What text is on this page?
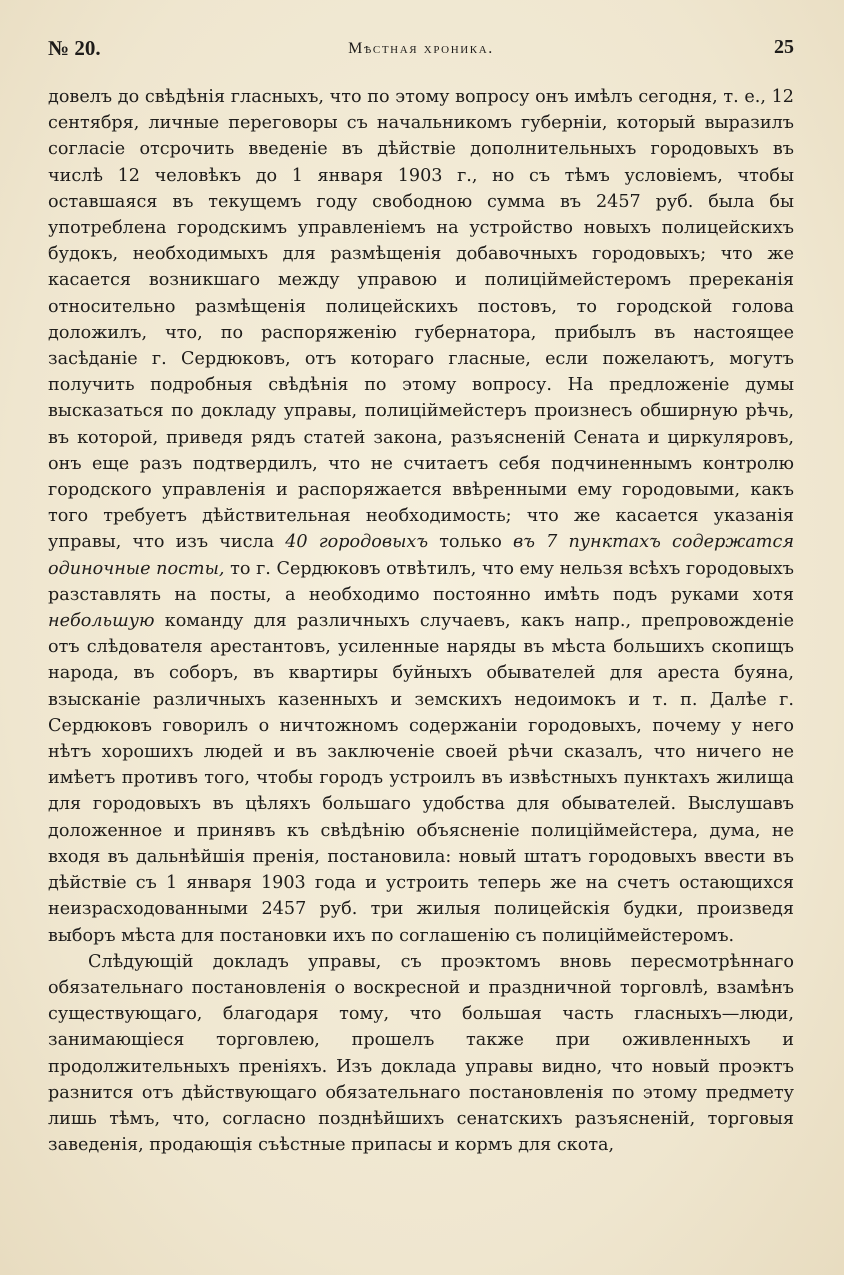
№ 20.	Мѣстная хроника.	25

довелъ до свѣдѣнія гласныхъ, что по этому вопросу онъ имѣлъ сегодня, т. е., 12 сентября, личные переговоры съ начальникомъ губерніи, который выразилъ согласіе отсрочить введеніе въ дѣйствіе дополнительныхъ городовыхъ въ числѣ 12 человѣкъ до 1 января 1903 г., но съ тѣмъ условіемъ, чтобы оставшаяся въ текущемъ году свободною сумма въ 2457 руб. была бы употреблена городскимъ управленіемъ на устройство новыхъ полицейскихъ будокъ, необходимыхъ для размѣщенія добавочныхъ городовыхъ; что же касается возникшаго между управою и полиціймейстеромъ пререканія относительно размѣщенія полицейскихъ постовъ, то городской голова доложилъ, что, по распоряженію губернатора, прибылъ въ настоящее засѣданіе г. Сердюковъ, отъ котораго гласные, если пожелаютъ, могутъ получить подробныя свѣдѣнія по этому вопросу. На предложеніе думы высказаться по докладу управы, полиціймейстеръ произнесъ обширную рѣчь, въ которой, приведя рядъ статей закона, разъясненій Сената и циркуляровъ, онъ еще разъ подтвердилъ, что не считаетъ себя подчиненнымъ контролю городского управленія и распоряжается ввѣренными ему городовыми, какъ того требуетъ дѣйствительная необходимость; что же касается указанія управы, что изъ числа 40 городовыхъ только въ 7 пунктахъ содержатся одиночные посты, то г. Сердюковъ отвѣтилъ, что ему нельзя всѣхъ городовыхъ разставлять на посты, а необходимо постоянно имѣть подъ руками хотя небольшую команду для различныхъ случаевъ, какъ напр., препровожденіе отъ слѣдователя арестантовъ, усиленные наряды въ мѣста большихъ скопищъ народа, въ соборъ, въ квартиры буйныхъ обывателей для ареста буяна, взысканіе различныхъ казенныхъ и земскихъ недоимокъ и т. п. Далѣе г. Сердюковъ говорилъ о ничтожномъ содержаніи городовыхъ, почему у него нѣтъ хорошихъ людей и въ заключеніе своей рѣчи сказалъ, что ничего не имѣетъ противъ того, чтобы городъ устроилъ въ извѣстныхъ пунктахъ жилища для городовыхъ въ цѣляхъ большаго удобства для обывателей. Выслушавъ доложенное и принявъ къ свѣдѣнію объясненіе полиціймейстера, дума, не входя въ дальнѣйшія пренія, постановила: новый штатъ городовыхъ ввести въ дѣйствіе съ 1 января 1903 года и устроить теперь же на счетъ остающихся неизрасходованными 2457 руб. три жилыя полицейскія будки, произведя выборъ мѣста для постановки ихъ по соглашенію съ полиціймейстеромъ.

Слѣдующій докладъ управы, съ проэктомъ вновь пересмотрѣннаго обязательнаго постановленія о воскресной и праздничной торговлѣ, взамѣнъ существующаго, благодаря тому, что большая часть гласныхъ—люди, занимающіеся торговлею, прошелъ также при оживленныхъ и продолжительныхъ преніяхъ. Изъ доклада управы видно, что новый проэктъ разнится отъ дѣйствующаго обязательнаго постановленія по этому предмету лишь тѣмъ, что, согласно позднѣйшихъ сенатскихъ разъясненій, торговыя заведенія, продающія съѣстные припасы и кормъ для скота,
